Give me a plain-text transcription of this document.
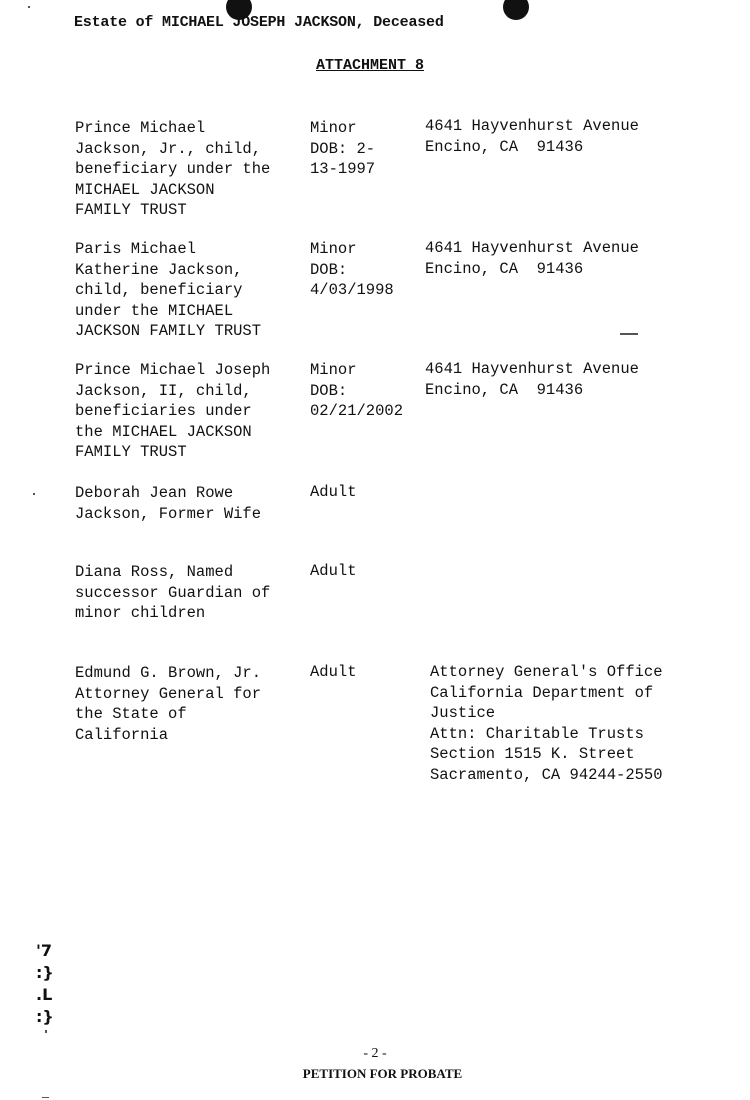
Estate of MICHAEL JOSEPH JACKSON, Deceased
ATTACHMENT 8
Prince Michael
Jackson, Jr., child,
beneficiary under the
MICHAEL JACKSON
FAMILY TRUST
Minor
DOB: 2-
13-1997
4641 Hayvenhurst Avenue
Encino, CA  91436
Paris Michael
Katherine Jackson,
child, beneficiary
under the MICHAEL
JACKSON FAMILY TRUST
Minor
DOB:
4/03/1998
4641 Hayvenhurst Avenue
Encino, CA  91436
Prince Michael Joseph
Jackson, II, child,
beneficiaries under
the MICHAEL JACKSON
FAMILY TRUST
Minor
DOB:
02/21/2002
4641 Hayvenhurst Avenue
Encino, CA  91436
Deborah Jean Rowe
Jackson, Former Wife
Adult
Diana Ross, Named
successor Guardian of
minor children
Adult
Edmund G. Brown, Jr.
Attorney General for
the State of
California
Adult	Attorney General's Office
California Department of
Justice
Attn: Charitable Trusts
Section 1515 K. Street
Sacramento, CA 94244-2550
'7
:}
.L
:}
- 2 -
PETITION FOR PROBATE
